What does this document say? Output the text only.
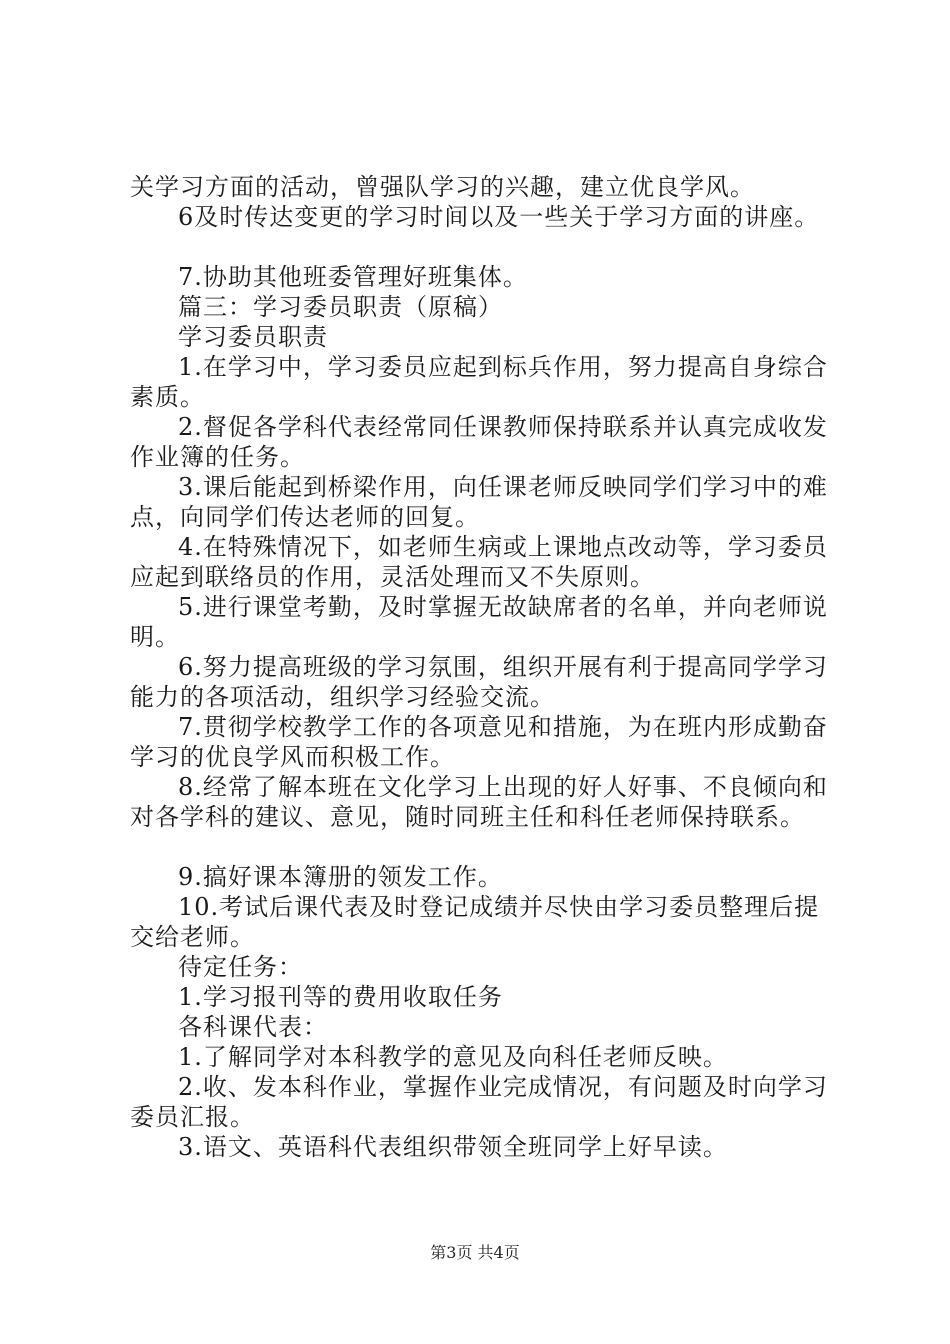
关学习方面的活动，曾强队学习的兴趣，建立优良学风。

6及时传达变更的学习时间以及一些关于学习方面的讲座。

7.协助其他班委管理好班集体。

篇三：学习委员职责（原稿）

学习委员职责

1.在学习中，学习委员应起到标兵作用，努力提高自身综合素质。

2.督促各学科代表经常同任课教师保持联系并认真完成收发作业簿的任务。

3.课后能起到桥梁作用，向任课老师反映同学们学习中的难点，向同学们传达老师的回复。

4.在特殊情况下，如老师生病或上课地点改动等，学习委员应起到联络员的作用，灵活处理而又不失原则。

5.进行课堂考勤，及时掌握无故缺席者的名单，并向老师说明。

6.努力提高班级的学习氛围，组织开展有利于提高同学学习能力的各项活动，组织学习经验交流。

7.贯彻学校教学工作的各项意见和措施，为在班内形成勤奋学习的优良学风而积极工作。

8.经常了解本班在文化学习上出现的好人好事、不良倾向和对各学科的建议、意见，随时同班主任和科任老师保持联系。

9.搞好课本簿册的领发工作。

10.考试后课代表及时登记成绩并尽快由学习委员整理后提交给老师。

待定任务：

1.学习报刊等的费用收取任务

各科课代表：

1.了解同学对本科教学的意见及向科任老师反映。

2.收、发本科作业，掌握作业完成情况，有问题及时向学习委员汇报。

3.语文、英语科代表组织带领全班同学上好早读。

第3页 共4页
